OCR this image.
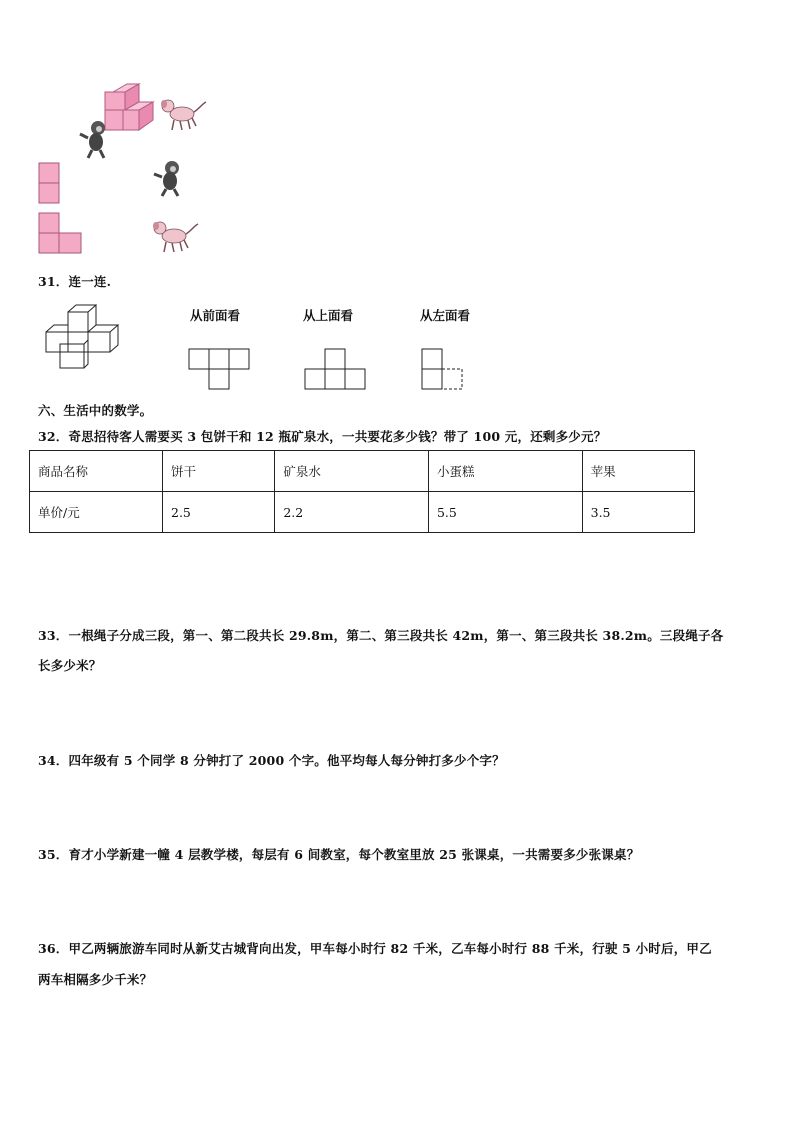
31．连一连.
从前面看	从上面看	从左面看
六、生活中的数学。
32．奇思招待客人需要买 3 包饼干和 12 瓶矿泉水，一共要花多少钱？带了 100 元，还剩多少元？
商品名称	饼干	矿泉水	小蛋糕	苹果
单价/元	2.5	2.2	5.5	3.5
33．一根绳子分成三段，第一、第二段共长 29.8m，第二、第三段共长 42m，第一、第三段共长 38.2m。三段绳子各
长多少米？
34．四年级有 5 个同学 8 分钟打了 2000 个字。他平均每人每分钟打多少个字？
35．育才小学新建一幢 4 层教学楼，每层有 6 间教室，每个教室里放 25 张课桌，一共需要多少张课桌？
36．甲乙两辆旅游车同时从新艾古城背向出发，甲车每小时行 82 千米，乙车每小时行 88 千米，行驶 5 小时后，甲乙
两车相隔多少千米？
